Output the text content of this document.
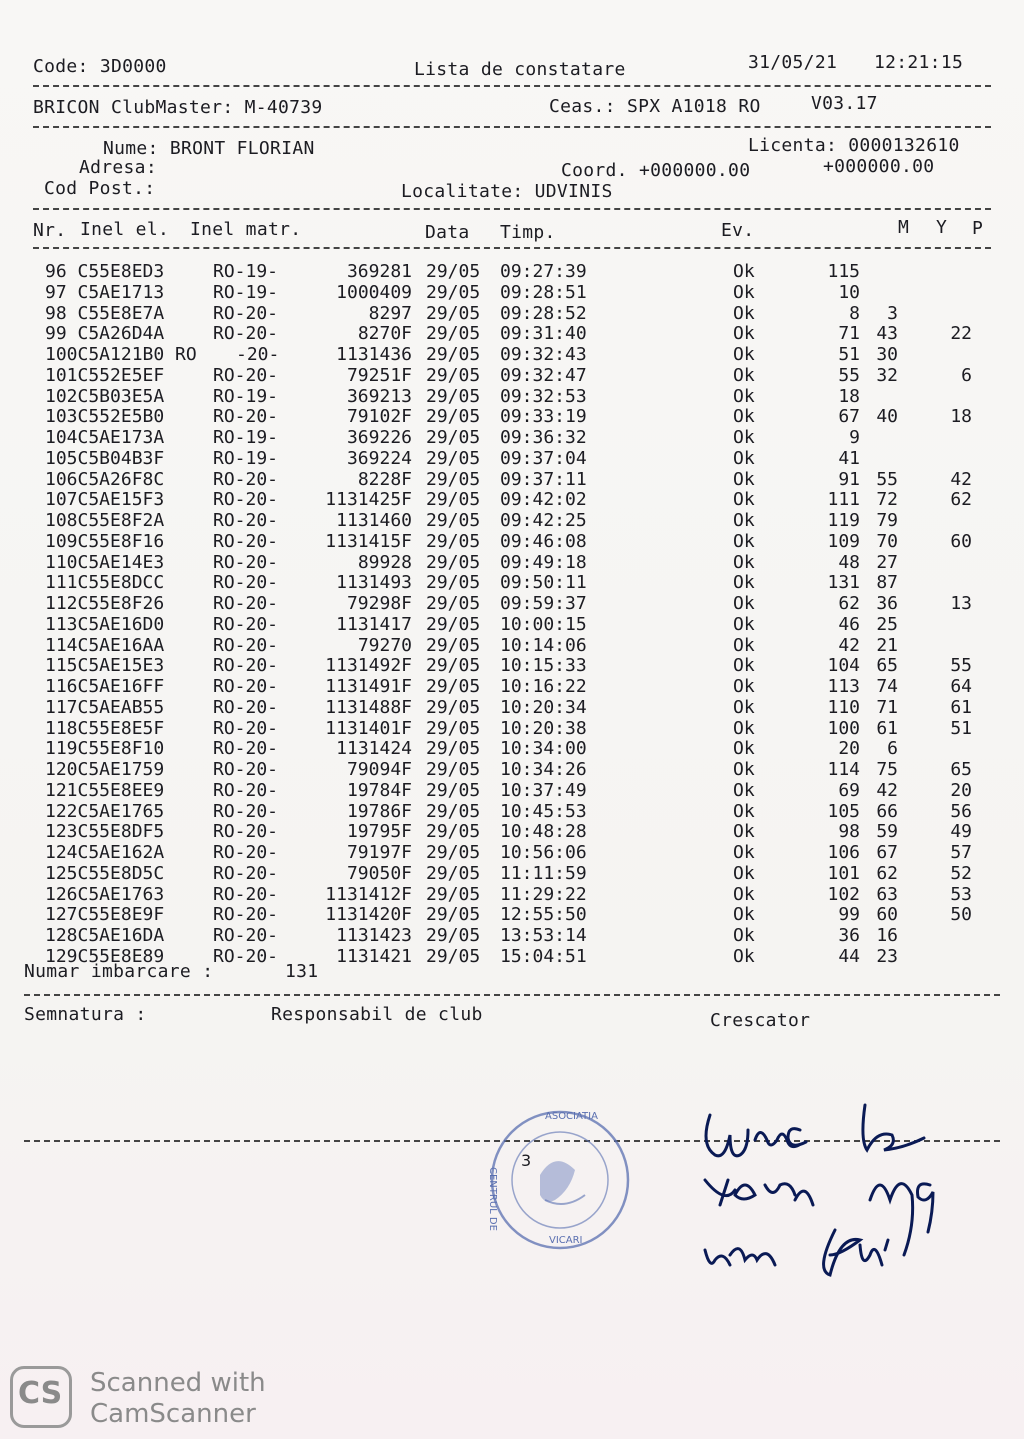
Code: 3D0000	Lista de constatare	31/05/21 12:21:15
BRICON ClubMaster: M-40739	Ceas.: SPX A1018 RO	V03.17
Nume: BRONT FLORIAN	Licenta: 0000132610
Adresa:	Coord. +000000.00	+000000.00
Cod Post.:	Localitate: UDVINIS
Nr. Inel el. Inel matr.	Data Timp.	Ev.	M Y P
96 C55E8ED3	RO-19-	369281 29/05 09:27:39	Ok	115
97 C5AE1713	RO-19-	1000409 29/05 09:28:51	Ok	10
98 C55E8E7A	RO-20-	8297 29/05 09:28:52	Ok	8 3
99 C5A26D4A	RO-20-	8270F 29/05 09:31:40	Ok	71 43	22
100C5A121B0 RO -20-	1131436 29/05 09:32:43	Ok	51 30
101C552E5EF	RO-20-	79251F 29/05 09:32:47	Ok	55 32	6
102C5B03E5A	RO-19-	369213 29/05 09:32:53	Ok	18
103C552E5B0	RO-20-	79102F 29/05 09:33:19	Ok	67 40	18
104C5AE173A	RO-19-	369226 29/05 09:36:32	Ok	9
105C5B04B3F	RO-19-	369224 29/05 09:37:04	Ok	41
106C5A26F8C	RO-20-	8228F 29/05 09:37:11	Ok	91 55	42
107C5AE15F3	RO-20-	1131425F 29/05 09:42:02	Ok	111 72	62
108C55E8F2A	RO-20-	1131460 29/05 09:42:25	Ok	119 79
109C55E8F16	RO-20-	1131415F 29/05 09:46:08	Ok	109 70	60
110C5AE14E3	RO-20-	89928 29/05 09:49:18	Ok	48 27
111C55E8DCC	RO-20-	1131493 29/05 09:50:11	Ok	131 87
112C55E8F26	RO-20-	79298F 29/05 09:59:37	Ok	62 36	13
113C5AE16D0	RO-20-	1131417 29/05 10:00:15	Ok	46 25
114C5AE16AA	RO-20-	79270 29/05 10:14:06	Ok	42 21
115C5AE15E3	RO-20-	1131492F 29/05 10:15:33	Ok	104 65	55
116C5AE16FF	RO-20-	1131491F 29/05 10:16:22	Ok	113 74	64
117C5AEAB55	RO-20-	1131488F 29/05 10:20:34	Ok	110 71	61
118C55E8E5F	RO-20-	1131401F 29/05 10:20:38	Ok	100 61	51
119C55E8F10	RO-20-	1131424 29/05 10:34:00	Ok	20 6
120C5AE1759	RO-20-	79094F 29/05 10:34:26	Ok	114 75	65
121C55E8EE9	RO-20-	19784F 29/05 10:37:49	Ok	69 42	20
122C5AE1765	RO-20-	19786F 29/05 10:45:53	Ok	105 66	56
123C55E8DF5	RO-20-	19795F 29/05 10:48:28	Ok	98 59	49
124C5AE162A	RO-20-	79197F 29/05 10:56:06	Ok	106 67	57
125C55E8D5C	RO-20-	79050F 29/05 11:11:59	Ok	101 62	52
126C5AE1763	RO-20-	1131412F 29/05 11:29:22	Ok	102 63	53
127C55E8E9F	RO-20-	1131420F 29/05 12:55:50	Ok	99 60	50
128C5AE16DA	RO-20-	1131423 29/05 13:53:14	Ok	36 16
129C55E8E89	RO-20-	1131421 29/05 15:04:51	Ok	44 23
Numar imbarcare :	131
Semnatura :	Responsabil de club	Crescator
ASOCIATIA
CENTRUL DE
VICARI
3
CS Scanned with
CamScanner
